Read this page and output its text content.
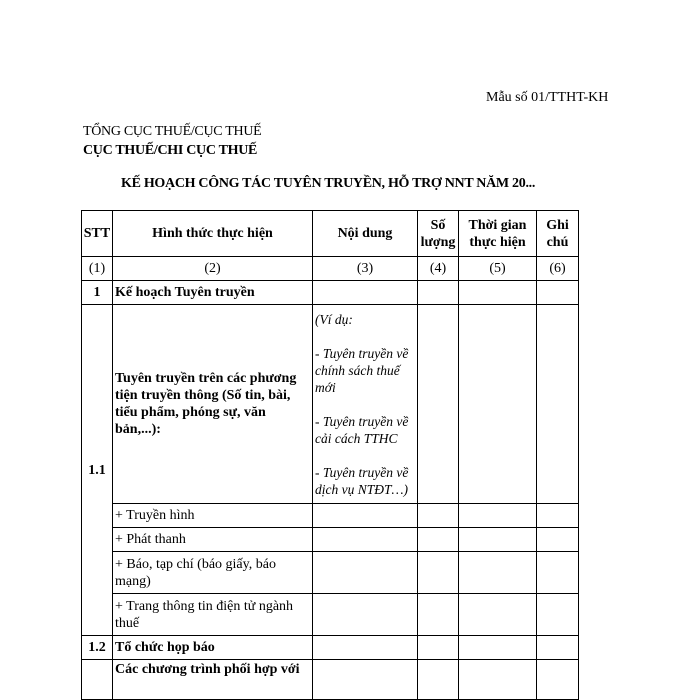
Mẫu số 01/TTHT-KH
TỔNG CỤC THUẾ/CỤC THUẾ
CỤC THUẾ/CHI CỤC THUẾ
KẾ HOẠCH CÔNG TÁC TUYÊN TRUYỀN, HỖ TRỢ NNT NĂM 20...
STT	Hình thức thực hiện	Nội dung	Số lượng	Thời gian thực hiện	Ghi chú
(1)	(2)	(3)	(4)	(5)	(6)
1	Kế hoạch Tuyên truyền				
1.1	Tuyên truyền trên các phương tiện truyền thông (Số tin, bài, tiểu phẩm, phóng sự, văn bản,...):	(Ví dụ:

- Tuyên truyền về chính sách thuế mới

- Tuyên truyền về cải cách TTHC

- Tuyên truyền về dịch vụ NTĐT…)			

	+ Truyền hình				
	+ Phát thanh				
	+ Báo, tạp chí (báo giấy, báo mạng)				
	+ Trang thông tin điện tử ngành thuế				
1.2	Tổ chức họp báo				
	Các chương trình phối hợp với				
